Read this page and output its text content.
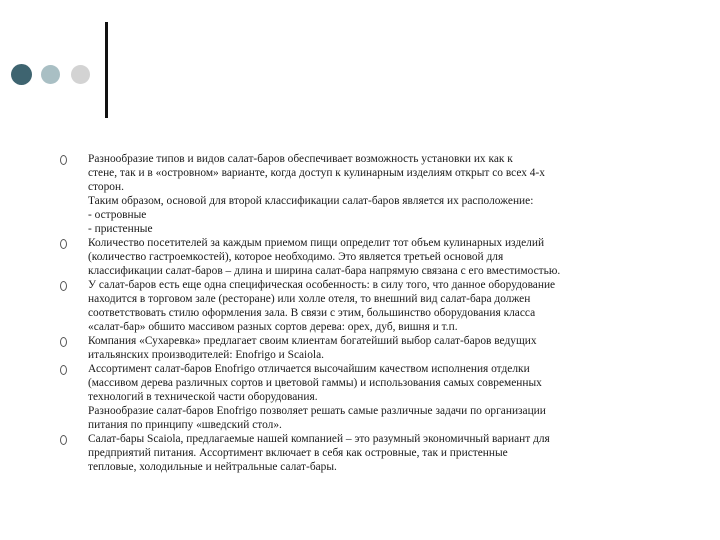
Разнообразие типов и видов салат-баров обеспечивает возможность установки их как к
стене, так и в «островном» варианте, когда доступ к кулинарным изделиям открыт со всех 4-х
сторон.
Таким образом, основой для второй классификации салат-баров является их расположение:
- островные
- пристенные
Количество посетителей за каждым приемом пищи определит тот объем кулинарных изделий
(количество гастроемкостей), которое необходимо. Это является третьей основой для
классификации салат-баров – длина и ширина салат-бара напрямую связана с его вместимостью.
У салат-баров есть еще одна специфическая особенность: в силу того, что данное оборудование
находится в торговом зале (ресторане) или холле отеля, то внешний вид салат-бара должен
соответствовать стилю оформления зала. В связи с этим, большинство оборудования класса
«салат-бар» обшито массивом разных сортов дерева: орех, дуб, вишня и т.п.
Компания «Сухаревка» предлагает своим клиентам богатейший выбор салат-баров ведущих
итальянских производителей: Enofrigo и Scaiola.
Ассортимент салат-баров Enofrigo отличается высочайшим качеством исполнения отделки
(массивом дерева различных сортов и цветовой гаммы) и использования самых современных
технологий в технической части оборудования.
Разнообразие салат-баров Enofrigo позволяет решать самые различные задачи по организации
питания по принципу «шведский стол».
Салат-бары Scaiola, предлагаемые нашей компанией – это разумный экономичный вариант для
предприятий питания. Ассортимент включает в себя как островные, так и пристенные
тепловые, холодильные и нейтральные салат-бары.
